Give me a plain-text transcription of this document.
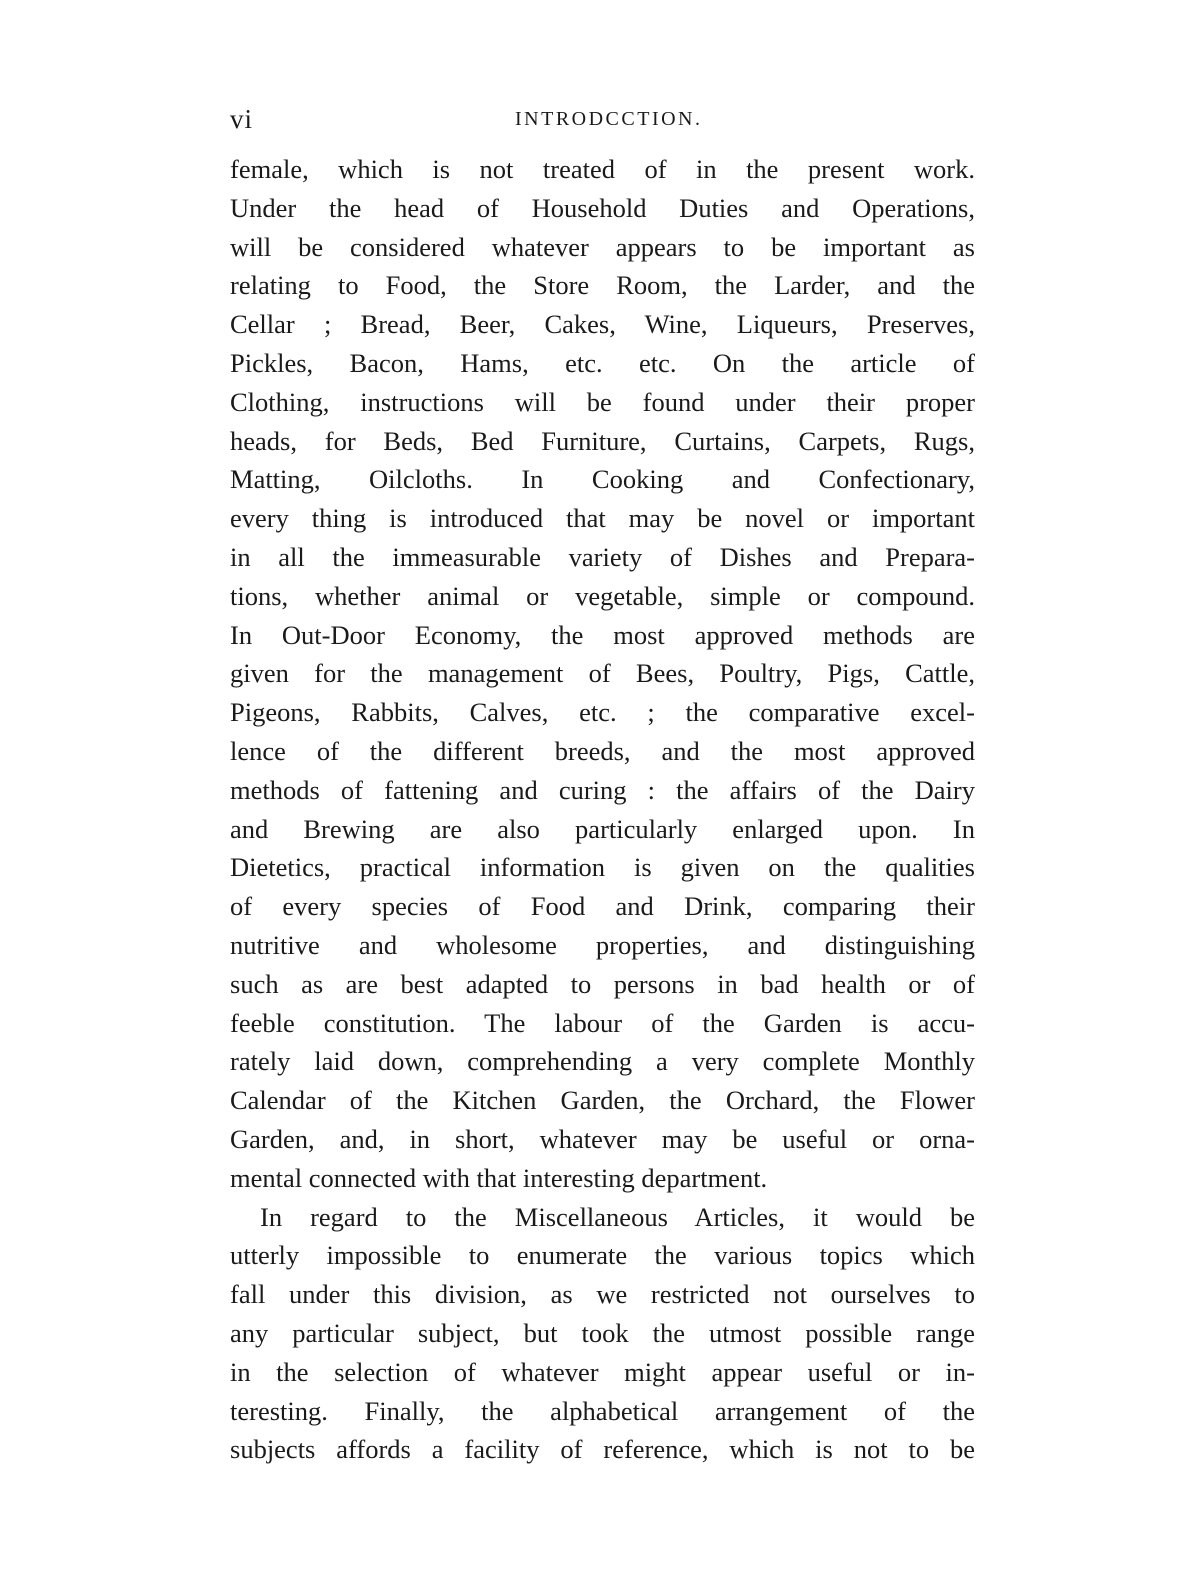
vi	INTRODCCTION.
female, which is not treated of in the present work.
Under the head of Household Duties and Operations,
will be considered whatever appears to be important as
relating to Food, the Store Room, the Larder, and the
Cellar ; Bread, Beer, Cakes, Wine, Liqueurs, Preserves,
Pickles, Bacon, Hams, etc. etc. On the article of
Clothing, instructions will be found under their proper
heads, for Beds, Bed Furniture, Curtains, Carpets, Rugs,
Matting, Oilcloths. In Cooking and Confectionary,
every thing is introduced that may be novel or important
in all the immeasurable variety of Dishes and Prepara-
tions, whether animal or vegetable, simple or compound.
In Out-Door Economy, the most approved methods are
given for the management of Bees, Poultry, Pigs, Cattle,
Pigeons, Rabbits, Calves, etc. ; the comparative excel-
lence of the different breeds, and the most approved
methods of fattening and curing : the affairs of the Dairy
and Brewing are also particularly enlarged upon. In
Dietetics, practical information is given on the qualities
of every species of Food and Drink, comparing their
nutritive and wholesome properties, and distinguishing
such as are best adapted to persons in bad health or of
feeble constitution. The labour of the Garden is accu-
rately laid down, comprehending a very complete Monthly
Calendar of the Kitchen Garden, the Orchard, the Flower
Garden, and, in short, whatever may be useful or orna-
mental connected with that interesting department.
In regard to the Miscellaneous Articles, it would be
utterly impossible to enumerate the various topics which
fall under this division, as we restricted not ourselves to
any particular subject, but took the utmost possible range
in the selection of whatever might appear useful or in-
teresting. Finally, the alphabetical arrangement of the
subjects affords a facility of reference, which is not to be
